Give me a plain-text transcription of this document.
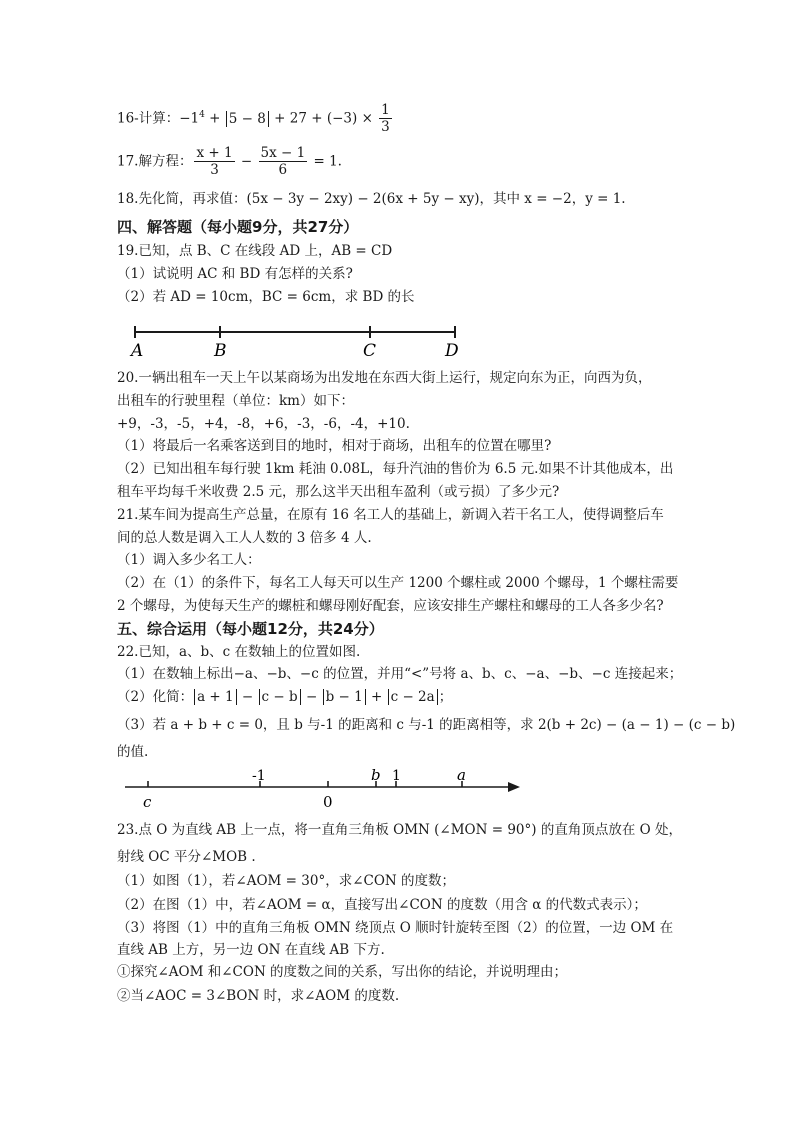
16-计算：$-1^4 + 5 - 8 + 27 + (-3) \times \frac{1}{3}$
17.解方程： $\frac{x + 1}{3} - \frac{5x - 1}{6} = 1$.
18.先化简，再求值：(5x − 3y − 2xy) − 2(6x + 5y − xy)，其中 x = −2，y = 1.
四、解答题（每小题9分，共27分）
19.已知，点 B、C 在线段 AD 上，AB = CD
（1）试说明 AC 和 BD 有怎样的关系?
（2）若 AD = 10cm，BC = 6cm，求 BD 的长
A	B	C	D
20.一辆出租车一天上午以某商场为出发地在东西大街上运行，规定向东为正，向西为负，
出租车的行驶里程（单位：km）如下：
+9，-3，-5，+4，-8，+6，-3，-6，-4，+10.
（1）将最后一名乘客送到目的地时，相对于商场，出租车的位置在哪里?
（2）已知出租车每行驶 1km 耗油 0.08L，每升汽油的售价为 6.5 元.如果不计其他成本，出
租车平均每千米收费 2.5 元，那么这半天出租车盈利（或亏损）了多少元?
21.某车间为提高生产总量，在原有 16 名工人的基础上，新调入若干名工人，使得调整后车
间的总人数是调入工人人数的 3 倍多 4 人.
（1）调入多少名工人：
（2）在（1）的条件下，每名工人每天可以生产 1200 个螺柱或 2000 个螺母，1 个螺柱需要
2 个螺母，为使每天生产的螺桩和螺母刚好配套，应该安排生产螺柱和螺母的工人各多少名?
五、综合运用（每小题12分，共24分）
22.已知，a、b、c 在数轴上的位置如图.
（1）在数轴上标出−a、−b、−c 的位置，并用“<”号将 a、b、c、−a、−b、−c 连接起来；
（2）化简： a + 1 − c − b − b − 1 + c − 2a ；
（3）若 a + b + c = 0，且 b 与-1 的距离和 c 与-1 的距离相等，求 2(b + 2c) − (a − 1) − (c − b)
的值.
c
-1
0
b 1	a
23.点 O 为直线 AB 上一点，将一直角三角板 OMN (∠MON = 90°) 的直角顶点放在 O 处，
射线 OC 平分∠MOB .
（1）如图（1），若∠AOM = 30°，求∠CON 的度数；
（2）在图（1）中，若∠AOM = α，直接写出∠CON 的度数（用含 α 的代数式表示）；
（3）将图（1）中的直角三角板 OMN 绕顶点 O 顺时针旋转至图（2）的位置，一边 OM 在
直线 AB 上方，另一边 ON 在直线 AB 下方.
①探究∠AOM 和∠CON 的度数之间的关系，写出你的结论，并说明理由；
②当∠AOC = 3∠BON 时，求∠AOM 的度数.
